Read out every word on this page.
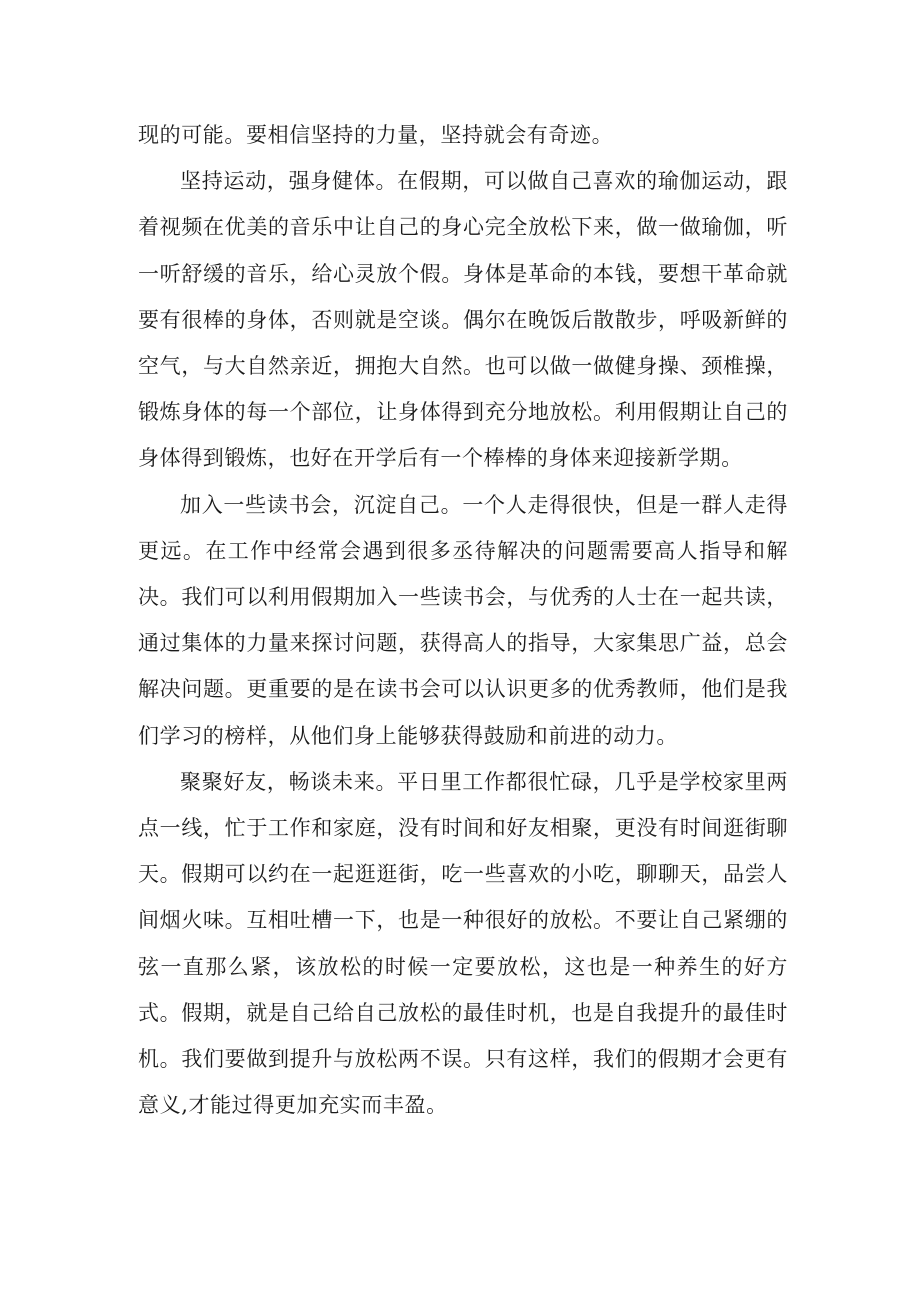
现的可能。要相信坚持的力量，坚持就会有奇迹。

坚持运动，强身健体。在假期，可以做自己喜欢的瑜伽运动，跟着视频在优美的音乐中让自己的身心完全放松下来，做一做瑜伽，听一听舒缓的音乐，给心灵放个假。身体是革命的本钱，要想干革命就要有很棒的身体，否则就是空谈。偶尔在晚饭后散散步，呼吸新鲜的空气，与大自然亲近，拥抱大自然。也可以做一做健身操、颈椎操，锻炼身体的每一个部位，让身体得到充分地放松。利用假期让自己的身体得到锻炼，也好在开学后有一个棒棒的身体来迎接新学期。

加入一些读书会，沉淀自己。一个人走得很快，但是一群人走得更远。在工作中经常会遇到很多丞待解决的问题需要高人指导和解决。我们可以利用假期加入一些读书会，与优秀的人士在一起共读，通过集体的力量来探讨问题，获得高人的指导，大家集思广益，总会解决问题。更重要的是在读书会可以认识更多的优秀教师，他们是我们学习的榜样，从他们身上能够获得鼓励和前进的动力。

聚聚好友，畅谈未来。平日里工作都很忙碌，几乎是学校家里两点一线，忙于工作和家庭，没有时间和好友相聚，更没有时间逛街聊天。假期可以约在一起逛逛街，吃一些喜欢的小吃，聊聊天，品尝人间烟火味。互相吐槽一下，也是一种很好的放松。不要让自己紧绷的弦一直那么紧，该放松的时候一定要放松，这也是一种养生的好方式。假期，就是自己给自己放松的最佳时机，也是自我提升的最佳时机。我们要做到提升与放松两不误。只有这样，我们的假期才会更有意义,才能过得更加充实而丰盈。
